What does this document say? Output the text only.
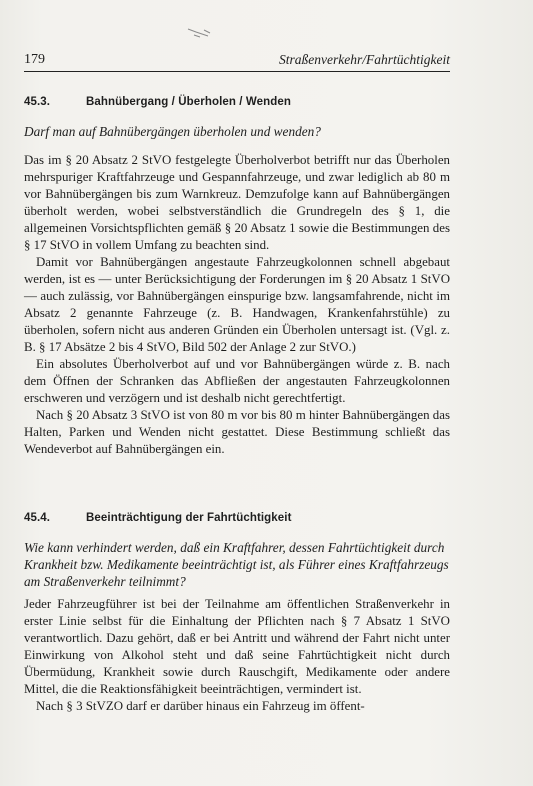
179	Straßenverkehr/Fahrtüchtigkeit
45.3.	Bahnübergang / Überholen / Wenden
Darf man auf Bahnübergängen überholen und wenden?

Das im § 20 Absatz 2 StVO festgelegte Überholverbot betrifft nur das Überholen mehrspuriger Kraftfahrzeuge und Gespannfahrzeuge, und zwar lediglich ab 80 m vor Bahnübergängen bis zum Warnkreuz. Demzufolge kann auf Bahnübergängen überholt werden, wobei selbstverständlich die Grundregeln des § 1, die allgemeinen Vorsichtspflichten gemäß § 20 Absatz 1 sowie die Bestimmungen des § 17 StVO in vollem Umfang zu beachten sind.

Damit vor Bahnübergängen angestaute Fahrzeugkolonnen schnell abgebaut werden, ist es — unter Berücksichtigung der Forderungen im § 20 Absatz 1 StVO — auch zulässig, vor Bahnübergängen einspurige bzw. langsamfahrende, nicht im Absatz 2 genannte Fahrzeuge (z. B. Handwagen, Krankenfahrstühle) zu überholen, sofern nicht aus anderen Gründen ein Überholen untersagt ist. (Vgl. z. B. § 17 Absätze 2 bis 4 StVO, Bild 502 der Anlage 2 zur StVO.)

Ein absolutes Überholverbot auf und vor Bahnübergängen würde z. B. nach dem Öffnen der Schranken das Abfließen der angestauten Fahrzeugkolonnen erschweren und verzögern und ist deshalb nicht gerechtfertigt.

Nach § 20 Absatz 3 StVO ist von 80 m vor bis 80 m hinter Bahnübergängen das Halten, Parken und Wenden nicht gestattet. Diese Bestimmung schließt das Wendeverbot auf Bahnübergängen ein.

45.4.	Beeinträchtigung der Fahrtüchtigkeit
Wie kann verhindert werden, daß ein Kraftfahrer, dessen Fahrtüchtigkeit durch Krankheit bzw. Medikamente beeinträchtigt ist, als Führer eines Kraftfahrzeugs am Straßenverkehr teilnimmt?

Jeder Fahrzeugführer ist bei der Teilnahme am öffentlichen Straßenverkehr in erster Linie selbst für die Einhaltung der Pflichten nach § 7 Absatz 1 StVO verantwortlich. Dazu gehört, daß er bei Antritt und während der Fahrt nicht unter Einwirkung von Alkohol steht und daß seine Fahrtüchtigkeit nicht durch Übermüdung, Krankheit sowie durch Rauschgift, Medikamente oder andere Mittel, die die Reaktionsfähigkeit beeinträchtigen, vermindert ist.

Nach § 3 StVZO darf er darüber hinaus ein Fahrzeug im öffent-
